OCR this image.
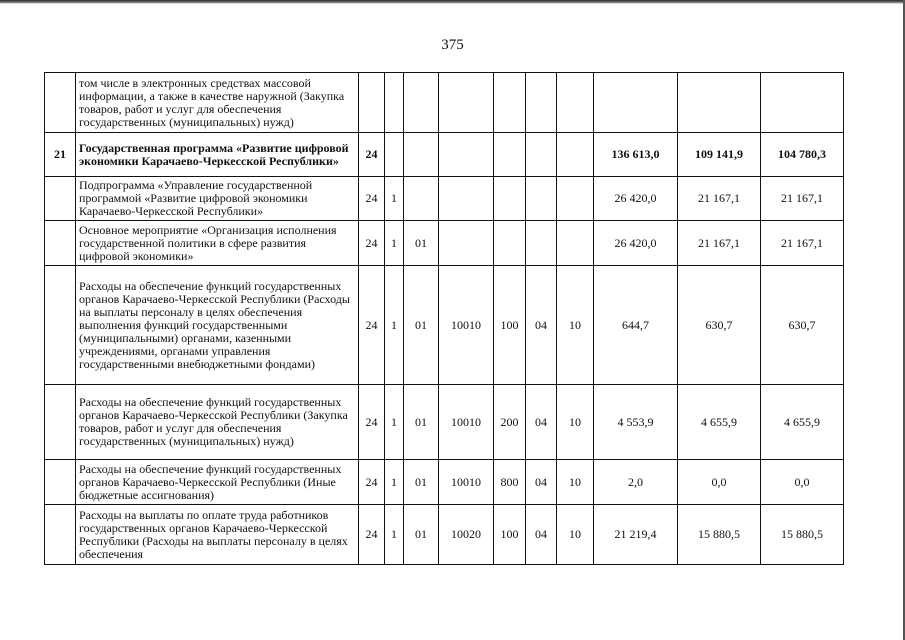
375
	том числе в электронных средствах массовой информации, а также в качестве наружной (Закупка товаров, работ и услуг для обеспечения государственных (муниципальных) нужд)										
21	Государственная программа «Развитие цифровой экономики Карачаево-Черкесской Республики»	24							136 613,0	109 141,9	104 780,3
	Подпрограмма «Управление государственной программой «Развитие цифровой экономики Карачаево-Черкесской Республики»	24	1						26 420,0	21 167,1	21 167,1
	Основное мероприятие «Организация исполнения государственной политики в сфере развития цифровой экономики»	24	1	01					26 420,0	21 167,1	21 167,1
	Расходы на обеспечение функций государственных органов Карачаево-Черкесской Республики (Расходы на выплаты персоналу в целях обеспечения выполнения функций государственными (муниципальными) органами, казенными учреждениями, органами управления государственными внебюджетными фондами)	24	1	01	10010	100	04	10	644,7	630,7	630,7
	Расходы на обеспечение функций государственных органов Карачаево-Черкесской Республики (Закупка товаров, работ и услуг для обеспечения государственных (муниципальных) нужд)	24	1	01	10010	200	04	10	4 553,9	4 655,9	4 655,9
	Расходы на обеспечение функций государственных органов Карачаево-Черкесской Республики (Иные бюджетные ассигнования)	24	1	01	10010	800	04	10	2,0	0,0	0,0
	Расходы на выплаты по оплате труда работников государственных органов Карачаево-Черкесской Республики (Расходы на выплаты персоналу в целях обеспечения	24	1	01	10020	100	04	10	21 219,4	15 880,5	15 880,5
